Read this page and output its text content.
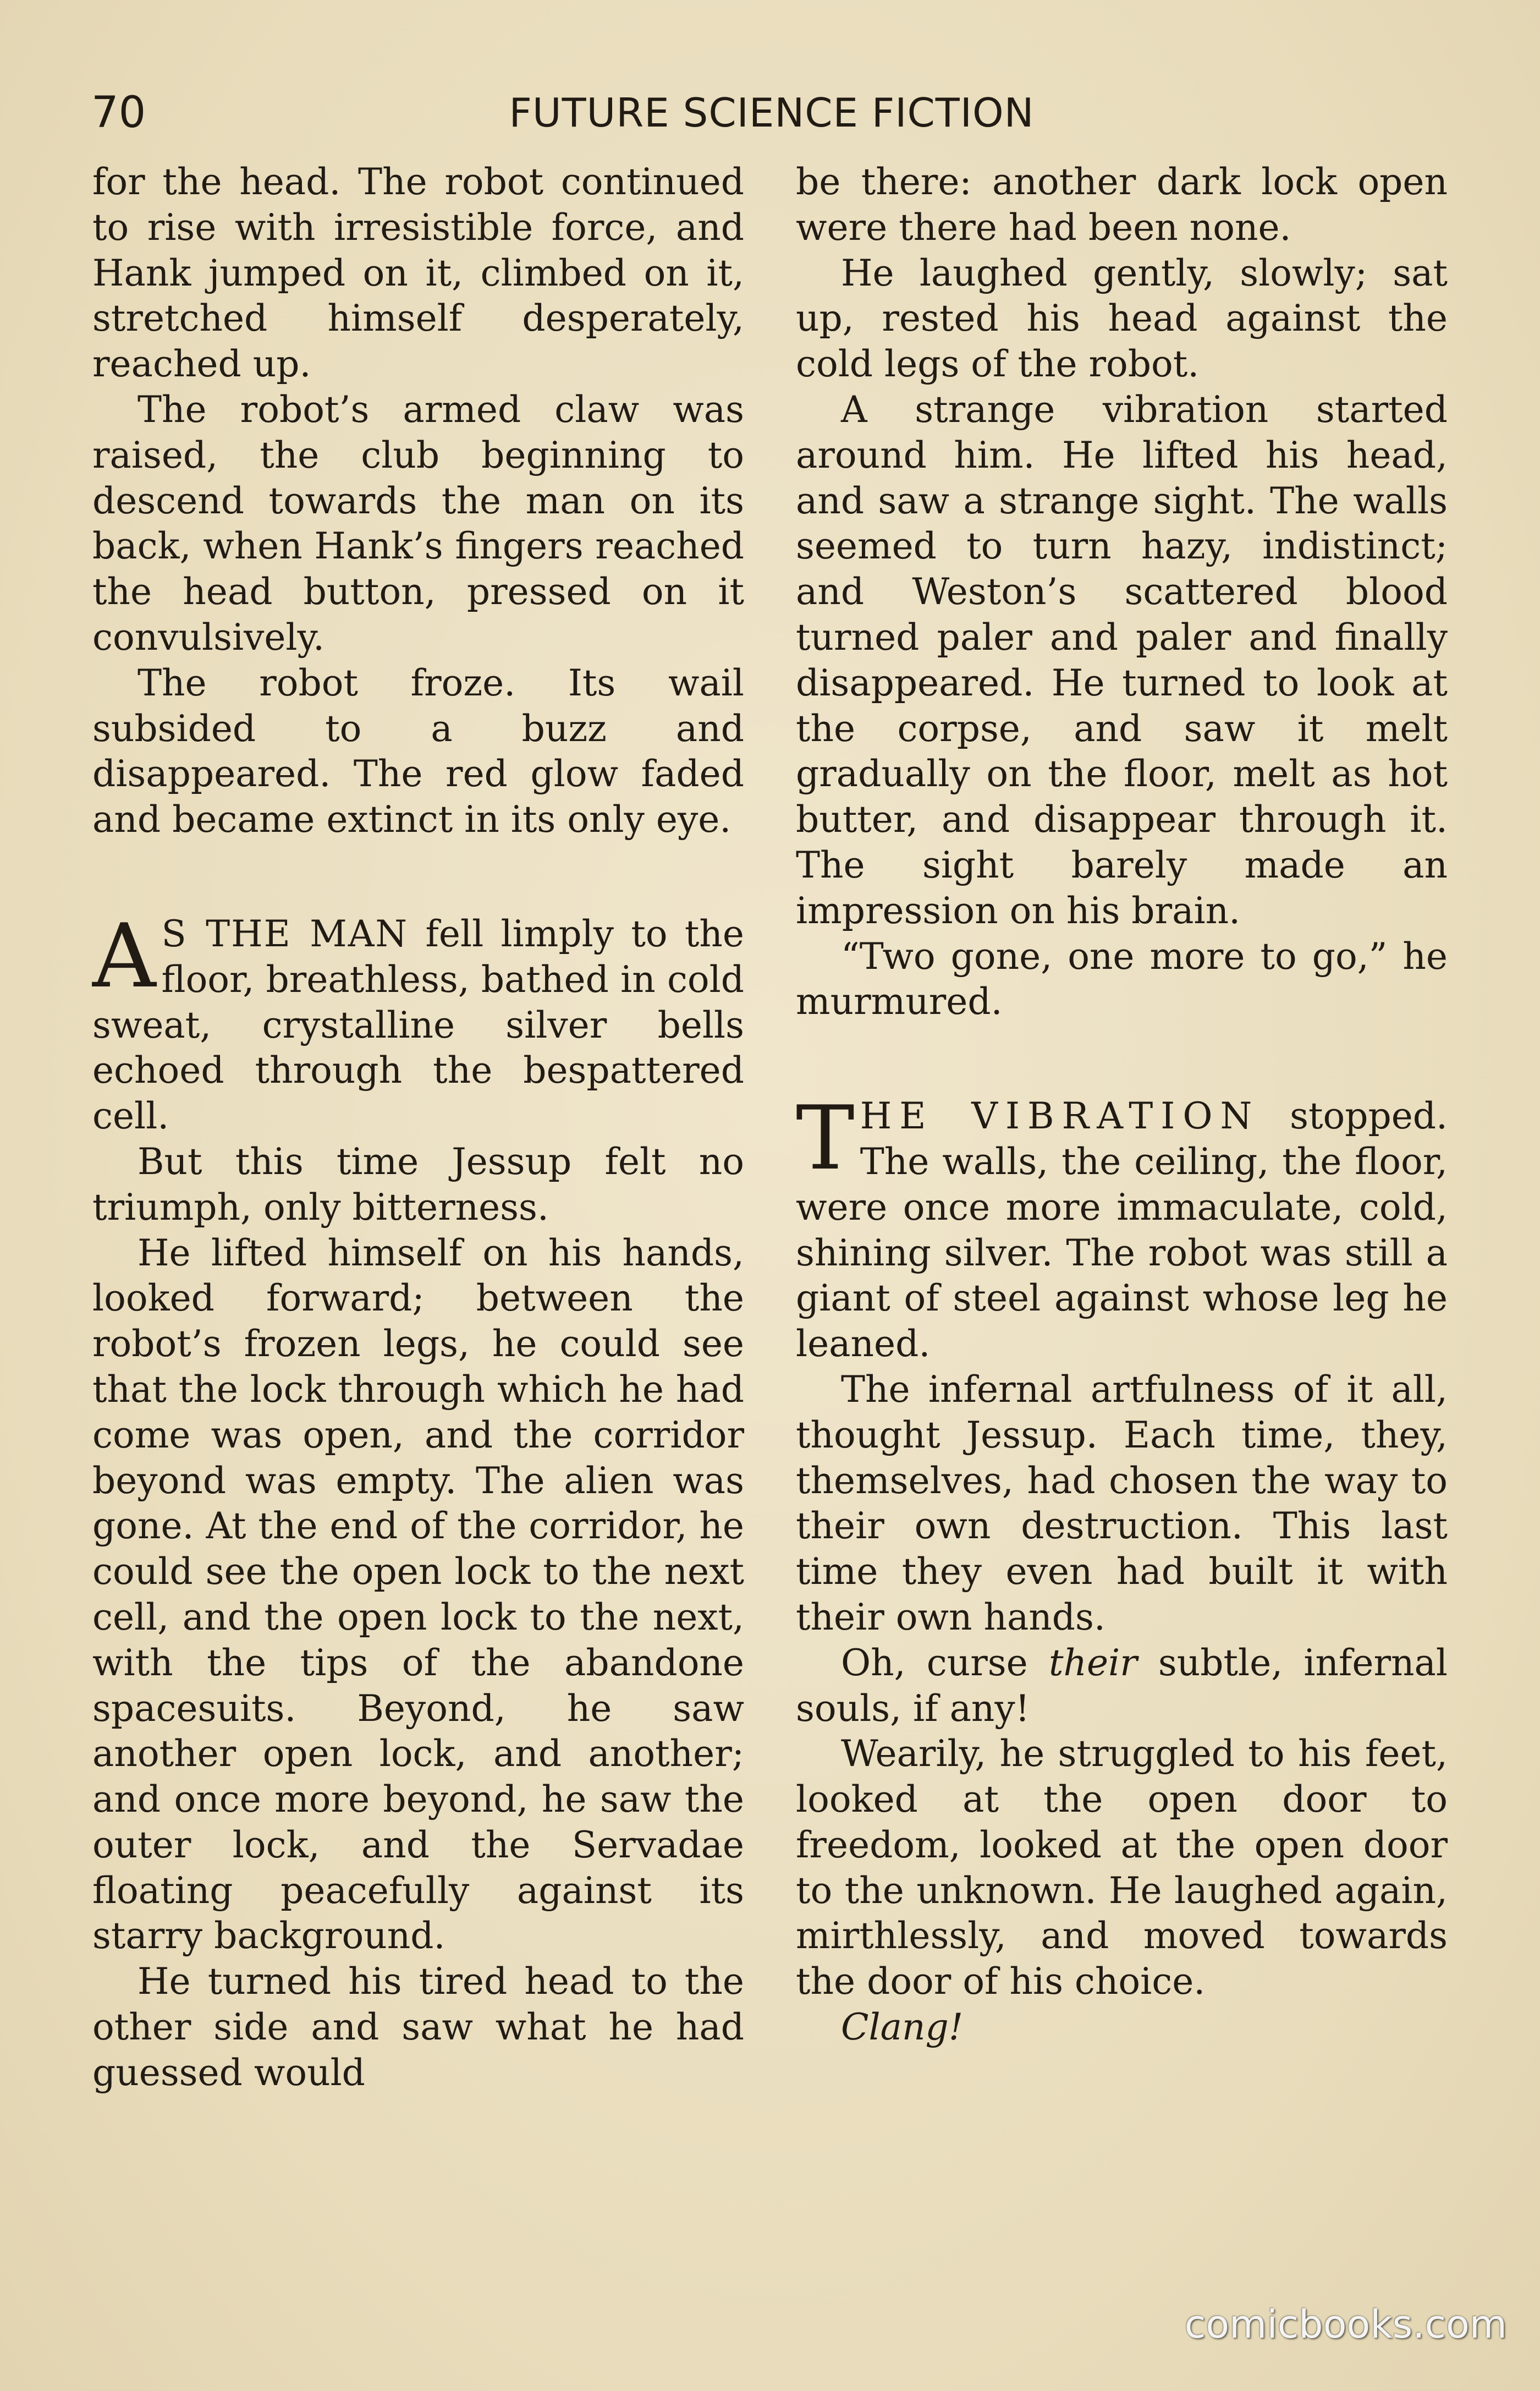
70	FUTURE SCIENCE FICTION

for the head. The robot continued to rise with irresistible force, and Hank jumped on it, climbed on it, stretched himself desperately, reached up.

The robot’s armed claw was raised, the club beginning to descend towards the man on its back, when Hank’s fingers reached the head button, pressed on it convulsively.

The robot froze. Its wail subsided to a buzz and disappeared. The red glow faded and became extinct in its only eye.

A S THE MAN fell limply to the floor, breathless, bathed in cold sweat, crystalline silver bells echoed through the bespattered cell.

But this time Jessup felt no triumph, only bitterness.

He lifted himself on his hands, looked forward; between the robot’s frozen legs, he could see that the lock through which he had come was open, and the corridor beyond was empty. The alien was gone. At the end of the corridor, he could see the open lock to the next cell, and the open lock to the next, with the tips of the abandone spacesuits. Beyond, he saw another open lock, and another; and once more beyond, he saw the outer lock, and the Servadae floating peacefully against its starry background.

He turned his tired head to the other side and saw what he had guessed would

be there: another dark lock open were there had been none.

He laughed gently, slowly; sat up, rested his head against the cold legs of the robot.

A strange vibration started around him. He lifted his head, and saw a strange sight. The walls seemed to turn hazy, indistinct; and Weston’s scattered blood turned paler and paler and finally disappeared. He turned to look at the corpse, and saw it melt gradually on the floor, melt as hot butter, and disappear through it. The sight barely made an impression on his brain.

“Two gone, one more to go,” he murmured.

THE VIBRATION stopped. The walls, the ceiling, the floor, were once more immaculate, cold, shining silver. The robot was still a giant of steel against whose leg he leaned.

The infernal artfulness of it all, thought Jessup. Each time, they, themselves, had chosen the way to their own destruction. This last time they even had built it with their own hands.

Oh, curse their subtle, infernal souls, if any!

Wearily, he struggled to his feet, looked at the open door to freedom, looked at the open door to the unknown. He laughed again, mirthlessly, and moved towards the door of his choice.

Clang!

comicbooks.com
